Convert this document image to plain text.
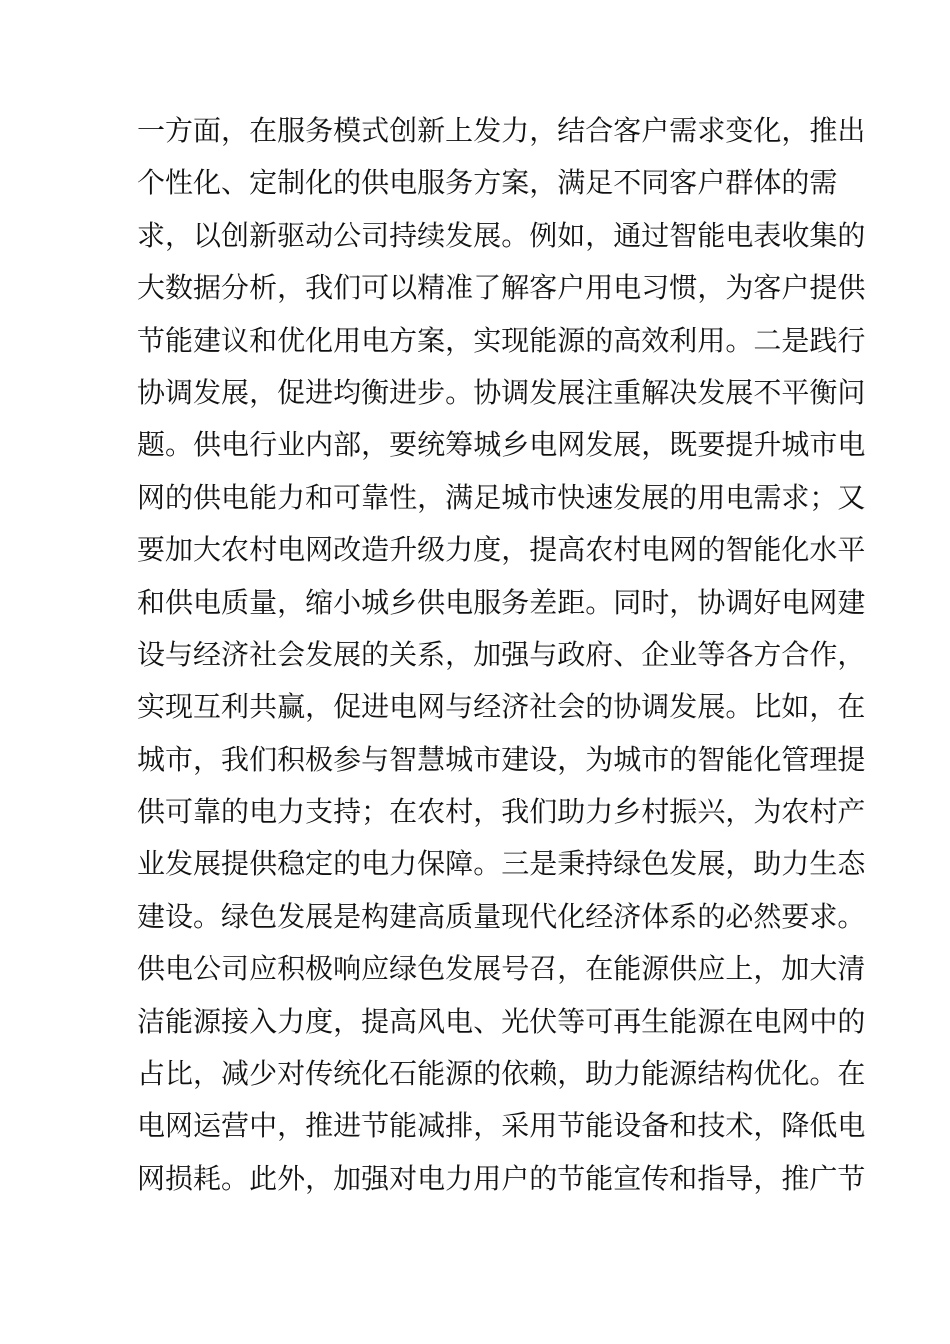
一 方 面 ， 在 服 务 模 式 创 新 上 发 力 ， 结 合 客 户 需 求 变 化 ， 推 出
个 性 化 、 定 制 化 的 供 电 服 务 方 案 ， 满 足 不 同 客 户 群 体 的 需
求 ， 以 创 新 驱 动 公 司 持 续 发 展 。 例 如 ， 通 过 智 能 电 表 收 集 的
大 数 据 分 析 ， 我 们 可 以 精 准 了 解 客 户 用 电 习 惯 ， 为 客 户 提 供
节 能 建 议 和 优 化 用 电 方 案 ， 实 现 能 源 的 高 效 利 用 。 二 是 践 行
协 调 发 展 ， 促 进 均 衡 进 步 。 协 调 发 展 注 重 解 决 发 展 不 平 衡 问
题 。 供 电 行 业 内 部 ， 要 统 筹 城 乡 电 网 发 展 ， 既 要 提 升 城 市 电
网 的 供 电 能 力 和 可 靠 性 ， 满 足 城 市 快 速 发 展 的 用 电 需 求 ； 又
要 加 大 农 村 电 网 改 造 升 级 力 度 ， 提 高 农 村 电 网 的 智 能 化 水 平
和 供 电 质 量 ， 缩 小 城 乡 供 电 服 务 差 距 。 同 时 ， 协 调 好 电 网 建
设 与 经 济 社 会 发 展 的 关 系 ， 加 强 与 政 府 、 企 业 等 各 方 合 作 ，
实 现 互 利 共 赢 ， 促 进 电 网 与 经 济 社 会 的 协 调 发 展 。 比 如 ， 在
城 市 ， 我 们 积 极 参 与 智 慧 城 市 建 设 ， 为 城 市 的 智 能 化 管 理 提
供 可 靠 的 电 力 支 持 ； 在 农 村 ， 我 们 助 力 乡 村 振 兴 ， 为 农 村 产
业 发 展 提 供 稳 定 的 电 力 保 障 。 三 是 秉 持 绿 色 发 展 ， 助 力 生 态
建 设 。 绿 色 发 展 是 构 建 高 质 量 现 代 化 经 济 体 系 的 必 然 要 求 。
供 电 公 司 应 积 极 响 应 绿 色 发 展 号 召 ， 在 能 源 供 应 上 ， 加 大 清
洁 能 源 接 入 力 度 ， 提 高 风 电 、 光 伏 等 可 再 生 能 源 在 电 网 中 的
占 比 ， 减 少 对 传 统 化 石 能 源 的 依 赖 ， 助 力 能 源 结 构 优 化 。 在
电 网 运 营 中 ， 推 进 节 能 减 排 ， 采 用 节 能 设 备 和 技 术 ， 降 低 电
网 损 耗 。 此 外 ， 加 强 对 电 力 用 户 的 节 能 宣 传 和 指 导 ， 推 广 节
